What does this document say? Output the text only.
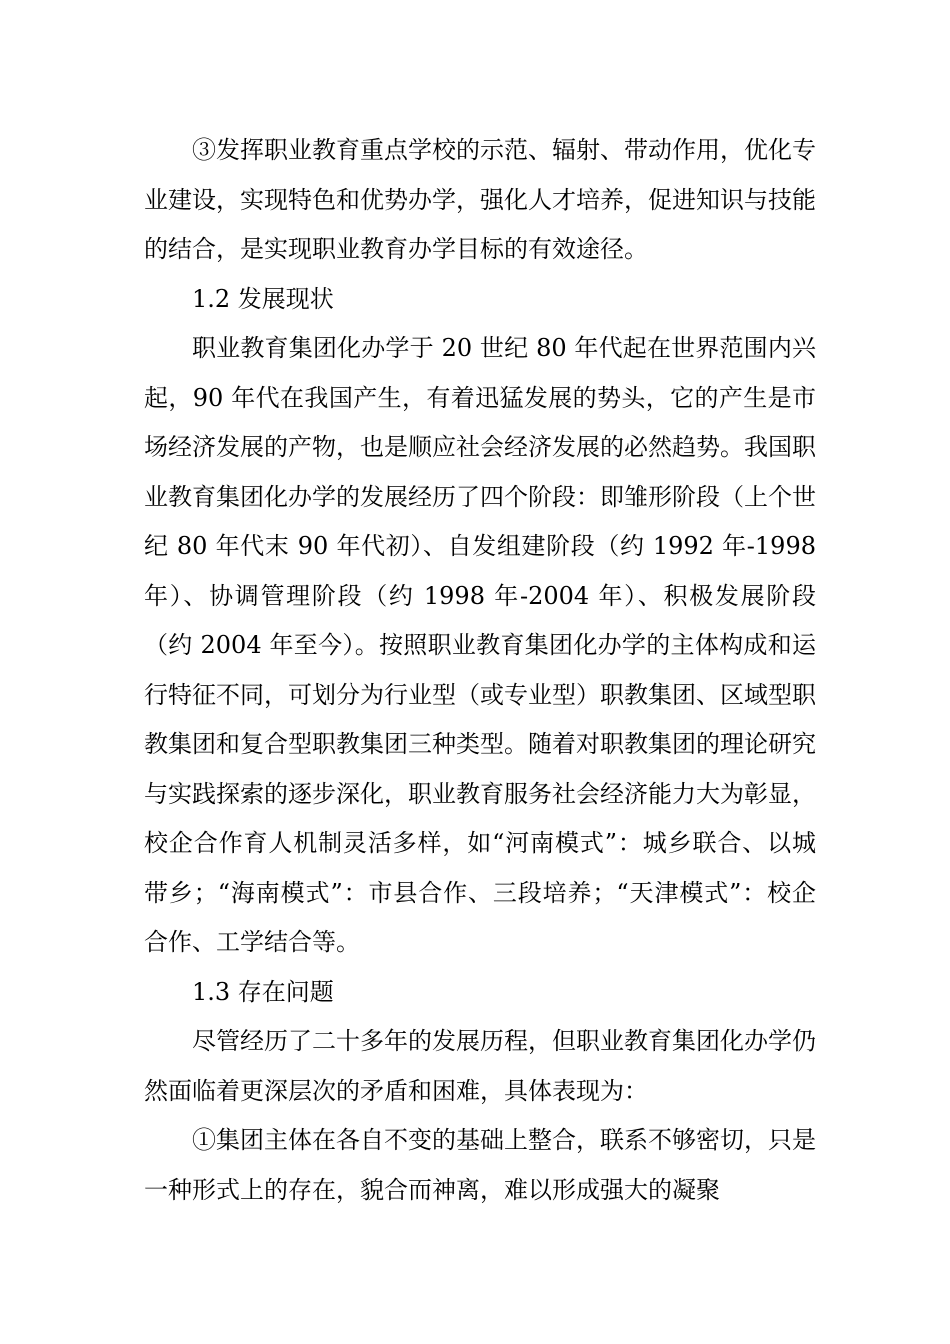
③发挥职业教育重点学校的示范、辐射、带动作用，优化专业建设，实现特色和优势办学，强化人才培养，促进知识与技能的结合，是实现职业教育办学目标的有效途径。

1.2 发展现状

职业教育集团化办学于 20 世纪 80 年代起在世界范围内兴起，90 年代在我国产生，有着迅猛发展的势头，它的产生是市场经济发展的产物，也是顺应社会经济发展的必然趋势。我国职业教育集团化办学的发展经历了四个阶段：即雏形阶段（上个世纪 80 年代末 90 年代初）、自发组建阶段（约 1992 年-1998 年）、协调管理阶段（约 1998 年-2004 年）、积极发展阶段（约 2004 年至今）。按照职业教育集团化办学的主体构成和运行特征不同，可划分为行业型（或专业型）职教集团、区域型职教集团和复合型职教集团三种类型。随着对职教集团的理论研究与实践探索的逐步深化，职业教育服务社会经济能力大为彰显，校企合作育人机制灵活多样，如“河南模式”：城乡联合、以城带乡；“海南模式”：市县合作、三段培养；“天津模式”：校企合作、工学结合等。

1.3 存在问题

尽管经历了二十多年的发展历程，但职业教育集团化办学仍然面临着更深层次的矛盾和困难，具体表现为：

①集团主体在各自不变的基础上整合，联系不够密切，只是一种形式上的存在，貌合而神离，难以形成强大的凝聚
